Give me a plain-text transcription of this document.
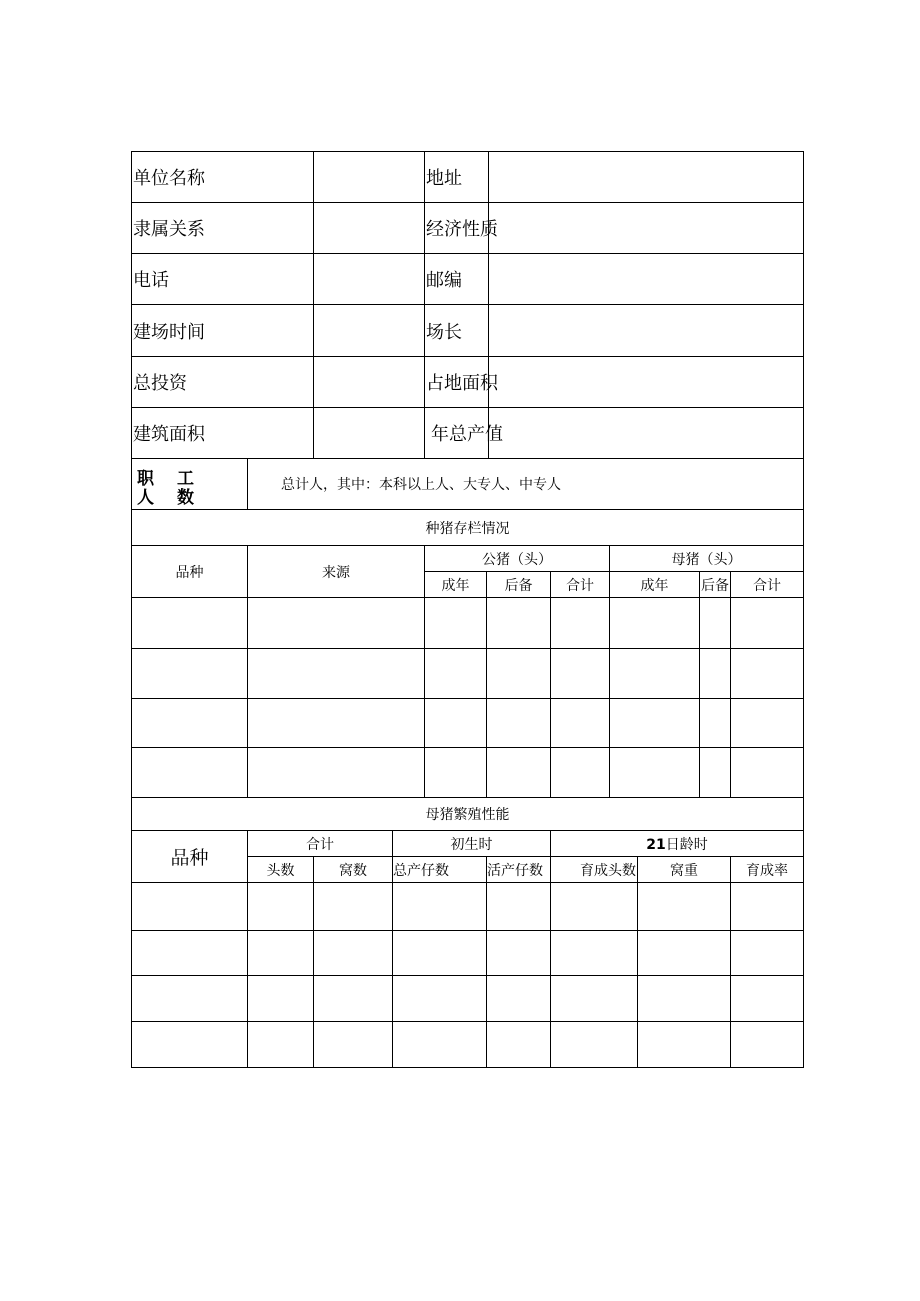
单位名称				地址							
隶属关系				经济性质							
电话				邮编							
建场时间				场长							
总投资				占地面积							
建筑面积				年总产值							

职 工
人 数	总计人，其中：本科以上人、大专人、中专人										
种猪存栏情况											
品种	来源			公猪（头）				母猪（头）			
				成年	后备		合计	成年		后备	合计

母猪繁殖性能											
品种	合计		初生时				21日龄时				
	头数	窝数	总产仔数		活产仔数		育成头数		窝重		育成率
